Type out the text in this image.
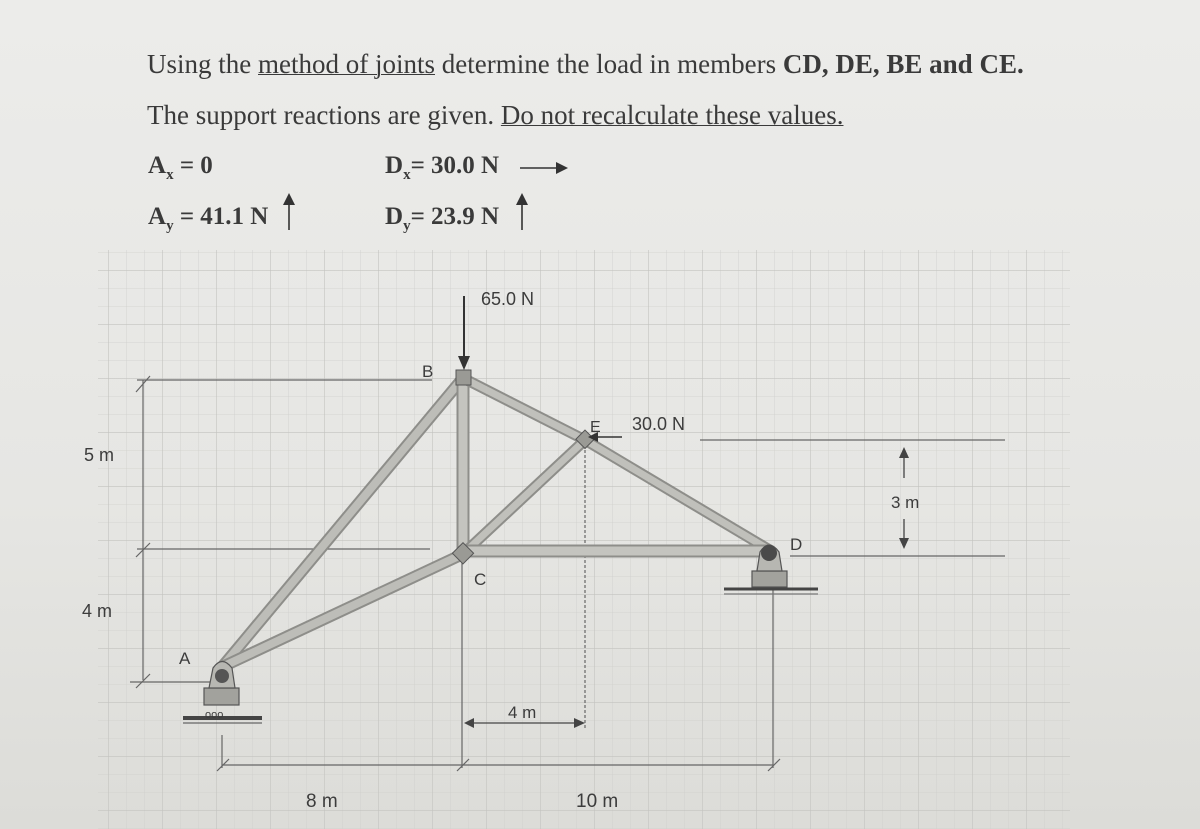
Using the method of joints determine the load in members CD, DE, BE and CE.
The support reactions are given. Do not recalculate these values.
$A_x = 0$	$D_x= 30.0$ N
$A_y = 41.1$ N	$D_y= 23.9$ N
ooo
65.0 N
30.0 N
A
B
C
D
E
5 m
4 m
3 m
4 m
8 m	10 m
